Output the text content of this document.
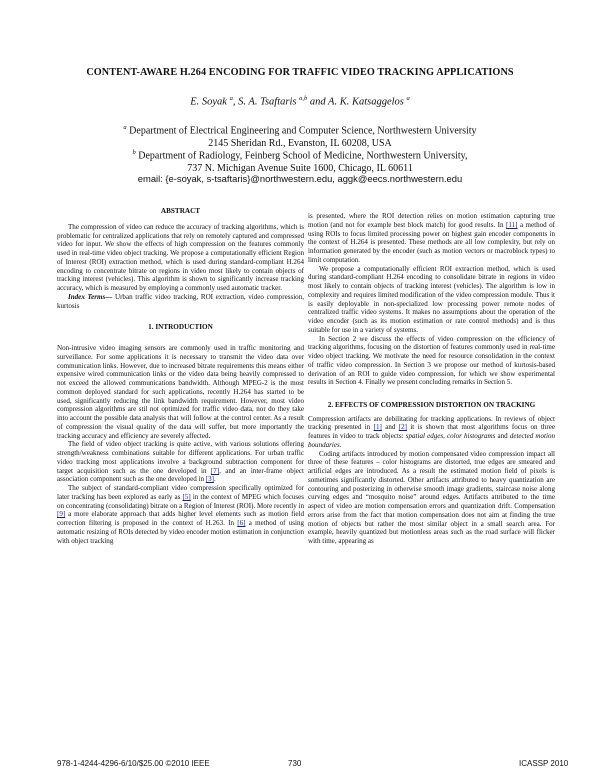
CONTENT-AWARE H.264 ENCODING FOR TRAFFIC VIDEO TRACKING APPLICATIONS
E. Soyak $^a$, S. A. Tsaftaris $^{a,b}$ and A. K. Katsaggelos $^a$
$^a$ Department of Electrical Engineering and Computer Science, Northwestern University
2145 Sheridan Rd., Evanston, IL 60208, USA
$^b$ Department of Radiology, Feinberg School of Medicine, Northwestern University,
737 N. Michigan Avenue Suite 1600, Chicago, IL 60611
email: {e-soyak, s-tsaftaris}@northwestern.edu, aggk@eecs.northwestern.edu
ABSTRACT

The compression of video can reduce the accuracy of tracking algorithms, which is problematic for centralized applications that rely on remotely captured and compressed video for input. We show the effects of high compression on the features commonly used in real-time video object tracking. We propose a computationally efficient Region of Interest (ROI) extraction method, which is used during standard-compliant H.264 encoding to concentrate bitrate on regions in video most likely to contain objects of tracking interest (vehicles). This algorithm is shown to significantly increase tracking accuracy, which is measured by employing a commonly used automatic tracker.

Index Terms— Urban traffic video tracking, ROI extraction, video compression, kurtosis

1. INTRODUCTION

Non-intrusive video imaging sensors are commonly used in traffic monitoring and surveillance. For some applications it is necessary to transmit the video data over communication links. However, due to increased bitrate requirements this means either expensive wired communication links or the video data being heavily compressed to not exceed the allowed communications bandwidth. Although MPEG-2 is the most common deployed standard for such applications, recently H.264 has started to be used, significantly reducing the link bandwidth requirement. However, most video compression algorithms are stil not optimized for traffic video data, nor do they take into account the possible data analysis that will follow at the control center. As a result of compression the visual quality of the data will suffer, but more importantly the tracking accuracy and efficiency are severely affected.

The field of video object tracking is quite active, with various solutions offering strength/weakness combinations suitable for different applications. For urban traffic video tracking most applications involve a background subtraction component for target acquisition such as the one developed in [7], and an inter-frame object association component such as the one developed in [3].

The subject of standard-compliant video compression specifically optimized for later tracking has been explored as early as [5] in the context of MPEG which focuses on concentrating (consolidating) bitrate on a Region of Interest (ROI). More recently in [9] a more elaborate approach that adds higher level elements such as motion field correction filtering is proposed in the context of H.263. In [6] a method of using automatic resizing of ROIs detected by video encoder motion estimation in conjunction with object tracking

is presented, where the ROI detection relies on motion estimation capturing true motion (and not for example best block match) for good results. In [11] a method of using ROIs to focus limited processing power on highest gain encoder components in the context of H.264 is presented. These methods are all low complexity, but rely on information generated by the encoder (such as motion vectors or macroblock types) to limit computation.

We propose a computationally efficient ROI extraction method, which is used during standard-compliant H.264 encoding to consolidate bitrate in regions in video most likely to contain objects of tracking interest (vehicles). The algorithm is low in complexity and requires limited modification of the video compression module. Thus it is easily deployable in non-specialized low processing power remote nodes of centralized traffic video systems. It makes no assumptions about the operation of the video encoder (such as its motion estimation or rate control methods) and is thus suitable for use in a variety of systems.

In Section 2 we discuss the effects of video compression on the efficiency of tracking algorithms, focusing on the distortion of features commonly used in real-time video object tracking. We motivate the need for resource consolidation in the context of traffic video compression. In Section 3 we propose our method of kurtosis-based derivation of an ROI to guide video compression, for which we show experimental results in Section 4. Finally we present concluding remarks in Section 5.

2. EFFECTS OF COMPRESSION DISTORTION ON TRACKING

Compression artifacts are debilitating for tracking applications. In reviews of object tracking presented in [1] and [2] it is shown that most algorithms focus on three features in video to track objects: spatial edges, color histograms and detected motion boundaries.

Coding artifacts introduced by motion compensated video compression impact all three of these features – color histograms are distorted, true edges are smeared and artificial edges are introduced. As a result the estimated motion field of pixels is sometimes significantly distorted. Other artifacts attributed to heavy quantization are contouring and posterizing in otherwise smooth image gradients, staircase noise along curving edges and “mosquito noise” around edges. Artifacts attributed to the time aspect of video are motion compensation errors and quantization drift. Compensation errors arise from the fact that motion compensation does not aim at finding the true motion of objects but rather the most similar object in a small search area. For example, heavily quantized but motionless areas such as the road surface will flicker with time, appearing as

978-1-4244-4296-6/10/$25.00 ©2010 IEEE	730	ICASSP 2010
